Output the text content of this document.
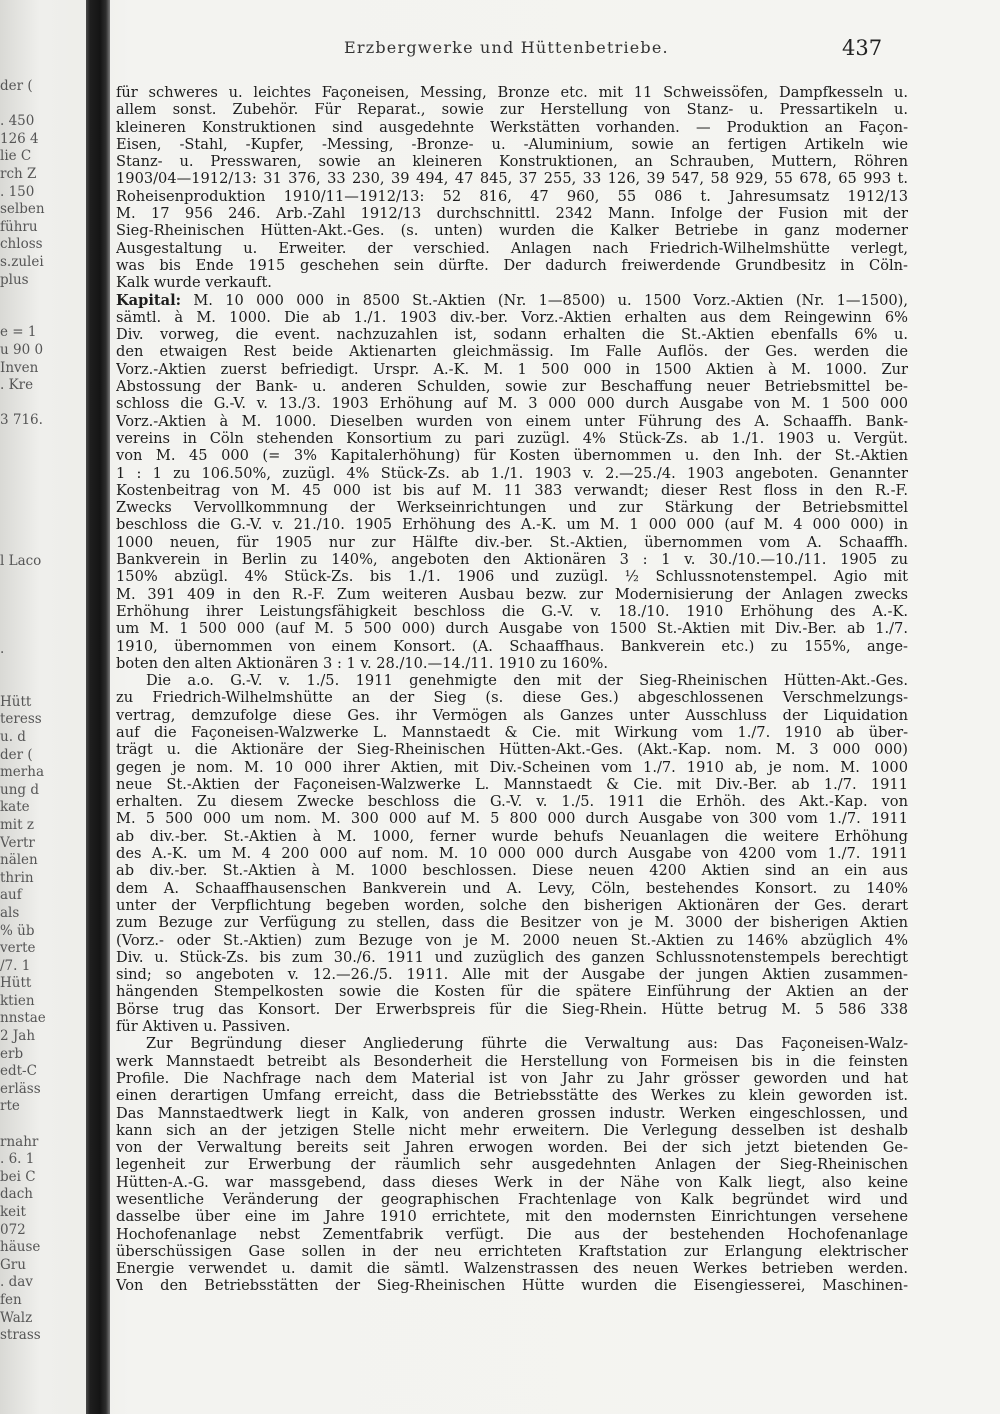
der (
. 450
126 4
lie C
rch Z
. 150
selben
führu
chloss
s.zulei
plus
e = 1
u 90 0
Inven
. Kre
3 716.
l Laco
.
Hütt
teress
u. d
der (
merha
ung d
kate
mit z
Vertr
nälen
thrin
auf
als
% üb
verte
/7. 1
Hütt
ktien
nnstae
2 Jah
erb
edt-C
erläss
rte
rnahr
. 6. 1
bei C
dach
keit
072
häuse
Gru
. dav
fen
Walz
strass
Erzbergwerke und Hüttenbetriebe.	437
für schweres u. leichtes Façoneisen, Messing, Bronze etc. mit 11 Schweissöfen, Dampfkesseln u.
allem sonst. Zubehör. Für Reparat., sowie zur Herstellung von Stanz- u. Pressartikeln u.
kleineren Konstruktionen sind ausgedehnte Werkstätten vorhanden. — Produktion an Façon-
Eisen, -Stahl, -Kupfer, -Messing, -Bronze- u. -Aluminium, sowie an fertigen Artikeln wie
Stanz- u. Presswaren, sowie an kleineren Konstruktionen, an Schrauben, Muttern, Röhren
1903/04—1912/13: 31 376, 33 230, 39 494, 47 845, 37 255, 33 126, 39 547, 58 929, 55 678, 65 993 t.
Roheisenproduktion 1910/11—1912/13: 52 816, 47 960, 55 086 t. Jahresumsatz 1912/13
M. 17 956 246. Arb.-Zahl 1912/13 durchschnittl. 2342 Mann. Infolge der Fusion mit der
Sieg-Rheinischen Hütten-Akt.-Ges. (s. unten) wurden die Kalker Betriebe in ganz moderner
Ausgestaltung u. Erweiter. der verschied. Anlagen nach Friedrich-Wilhelmshütte verlegt,
was bis Ende 1915 geschehen sein dürfte. Der dadurch freiwerdende Grundbesitz in Cöln-
Kalk wurde verkauft.
Kapital: M. 10 000 000 in 8500 St.-Aktien (Nr. 1—8500) u. 1500 Vorz.-Aktien (Nr. 1—1500),
sämtl. à M. 1000. Die ab 1./1. 1903 div.-ber. Vorz.-Aktien erhalten aus dem Reingewinn 6%
Div. vorweg, die event. nachzuzahlen ist, sodann erhalten die St.-Aktien ebenfalls 6% u.
den etwaigen Rest beide Aktienarten gleichmässig. Im Falle Auflös. der Ges. werden die
Vorz.-Aktien zuerst befriedigt. Urspr. A.-K. M. 1 500 000 in 1500 Aktien à M. 1000. Zur
Abstossung der Bank- u. anderen Schulden, sowie zur Beschaffung neuer Betriebsmittel be-
schloss die G.-V. v. 13./3. 1903 Erhöhung auf M. 3 000 000 durch Ausgabe von M. 1 500 000
Vorz.-Aktien à M. 1000. Dieselben wurden von einem unter Führung des A. Schaaffh. Bank-
vereins in Cöln stehenden Konsortium zu pari zuzügl. 4% Stück-Zs. ab 1./1. 1903 u. Vergüt.
von M. 45 000 (= 3% Kapitalerhöhung) für Kosten übernommen u. den Inh. der St.-Aktien
1 : 1 zu 106.50%, zuzügl. 4% Stück-Zs. ab 1./1. 1903 v. 2.—25./4. 1903 angeboten. Genannter
Kostenbeitrag von M. 45 000 ist bis auf M. 11 383 verwandt; dieser Rest floss in den R.-F.
Zwecks Vervollkommnung der Werkseinrichtungen und zur Stärkung der Betriebsmittel
beschloss die G.-V. v. 21./10. 1905 Erhöhung des A.-K. um M. 1 000 000 (auf M. 4 000 000) in
1000 neuen, für 1905 nur zur Hälfte div.-ber. St.-Aktien, übernommen vom A. Schaaffh.
Bankverein in Berlin zu 140%, angeboten den Aktionären 3 : 1 v. 30./10.—10./11. 1905 zu
150% abzügl. 4% Stück-Zs. bis 1./1. 1906 und zuzügl. ½ Schlussnotenstempel. Agio mit
M. 391 409 in den R.-F. Zum weiteren Ausbau bezw. zur Modernisierung der Anlagen zwecks
Erhöhung ihrer Leistungsfähigkeit beschloss die G.-V. v. 18./10. 1910 Erhöhung des A.-K.
um M. 1 500 000 (auf M. 5 500 000) durch Ausgabe von 1500 St.-Aktien mit Div.-Ber. ab 1./7.
1910, übernommen von einem Konsort. (A. Schaaffhaus. Bankverein etc.) zu 155%, ange-
boten den alten Aktionären 3 : 1 v. 28./10.—14./11. 1910 zu 160%.
Die a.o. G.-V. v. 1./5. 1911 genehmigte den mit der Sieg-Rheinischen Hütten-Akt.-Ges.
zu Friedrich-Wilhelmshütte an der Sieg (s. diese Ges.) abgeschlossenen Verschmelzungs-
vertrag, demzufolge diese Ges. ihr Vermögen als Ganzes unter Ausschluss der Liquidation
auf die Façoneisen-Walzwerke L. Mannstaedt & Cie. mit Wirkung vom 1./7. 1910 ab über-
trägt u. die Aktionäre der Sieg-Rheinischen Hütten-Akt.-Ges. (Akt.-Kap. nom. M. 3 000 000)
gegen je nom. M. 10 000 ihrer Aktien, mit Div.-Scheinen vom 1./7. 1910 ab, je nom. M. 1000
neue St.-Aktien der Façoneisen-Walzwerke L. Mannstaedt & Cie. mit Div.-Ber. ab 1./7. 1911
erhalten. Zu diesem Zwecke beschloss die G.-V. v. 1./5. 1911 die Erhöh. des Akt.-Kap. von
M. 5 500 000 um nom. M. 300 000 auf M. 5 800 000 durch Ausgabe von 300 vom 1./7. 1911
ab div.-ber. St.-Aktien à M. 1000, ferner wurde behufs Neuanlagen die weitere Erhöhung
des A.-K. um M. 4 200 000 auf nom. M. 10 000 000 durch Ausgabe von 4200 vom 1./7. 1911
ab div.-ber. St.-Aktien à M. 1000 beschlossen. Diese neuen 4200 Aktien sind an ein aus
dem A. Schaaffhausenschen Bankverein und A. Levy, Cöln, bestehendes Konsort. zu 140%
unter der Verpflichtung begeben worden, solche den bisherigen Aktionären der Ges. derart
zum Bezuge zur Verfügung zu stellen, dass die Besitzer von je M. 3000 der bisherigen Aktien
(Vorz.- oder St.-Aktien) zum Bezuge von je M. 2000 neuen St.-Aktien zu 146% abzüglich 4%
Div. u. Stück-Zs. bis zum 30./6. 1911 und zuzüglich des ganzen Schlussnotenstempels berechtigt
sind; so angeboten v. 12.—26./5. 1911. Alle mit der Ausgabe der jungen Aktien zusammen-
hängenden Stempelkosten sowie die Kosten für die spätere Einführung der Aktien an der
Börse trug das Konsort. Der Erwerbspreis für die Sieg-Rhein. Hütte betrug M. 5 586 338
für Aktiven u. Passiven.
Zur Begründung dieser Angliederung führte die Verwaltung aus: Das Façoneisen-Walz-
werk Mannstaedt betreibt als Besonderheit die Herstellung von Formeisen bis in die feinsten
Profile. Die Nachfrage nach dem Material ist von Jahr zu Jahr grösser geworden und hat
einen derartigen Umfang erreicht, dass die Betriebsstätte des Werkes zu klein geworden ist.
Das Mannstaedtwerk liegt in Kalk, von anderen grossen industr. Werken eingeschlossen, und
kann sich an der jetzigen Stelle nicht mehr erweitern. Die Verlegung desselben ist deshalb
von der Verwaltung bereits seit Jahren erwogen worden. Bei der sich jetzt bietenden Ge-
legenheit zur Erwerbung der räumlich sehr ausgedehnten Anlagen der Sieg-Rheinischen
Hütten-A.-G. war massgebend, dass dieses Werk in der Nähe von Kalk liegt, also keine
wesentliche Veränderung der geographischen Frachtenlage von Kalk begründet wird und
dasselbe über eine im Jahre 1910 errichtete, mit den modernsten Einrichtungen versehene
Hochofenanlage nebst Zementfabrik verfügt. Die aus der bestehenden Hochofenanlage
überschüssigen Gase sollen in der neu errichteten Kraftstation zur Erlangung elektrischer
Energie verwendet u. damit die sämtl. Walzenstrassen des neuen Werkes betrieben werden.
Von den Betriebsstätten der Sieg-Rheinischen Hütte wurden die Eisengiesserei, Maschinen-
